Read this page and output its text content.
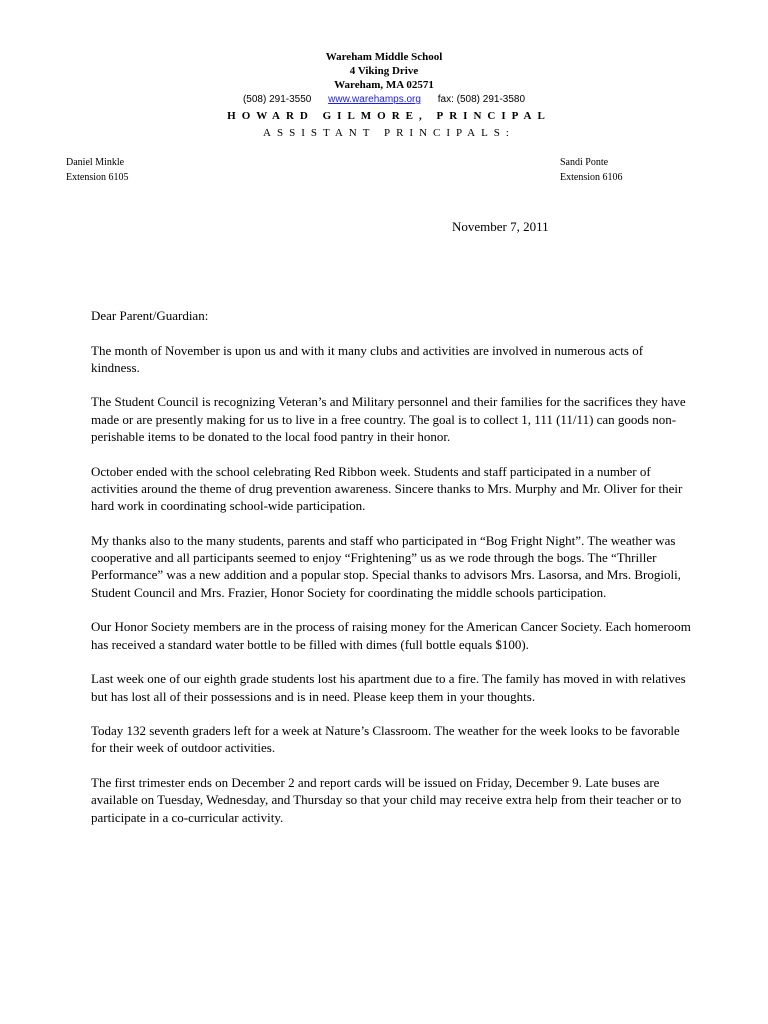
Wareham Middle School
4 Viking Drive
Wareham, MA 02571
(508) 291-3550 www.warehamps.org fax: (508) 291-3580
HOWARD GILMORE, PRINCIPAL
ASSISTANT PRINCIPALS:
Daniel Minkle
Extension 6105
Sandi Ponte
Extension 6106
November 7, 2011

Dear Parent/Guardian:

The month of November is upon us and with it many clubs and activities are involved in numerous acts of kindness.

The Student Council is recognizing Veteran’s and Military personnel and their families for the sacrifices they have made or are presently making for us to live in a free country. The goal is to collect 1, 111 (11/11) can goods non-perishable items to be donated to the local food pantry in their honor.

October ended with the school celebrating Red Ribbon week. Students and staff participated in a number of activities around the theme of drug prevention awareness. Sincere thanks to Mrs. Murphy and Mr. Oliver for their hard work in coordinating school-wide participation.

My thanks also to the many students, parents and staff who participated in “Bog Fright Night”. The weather was cooperative and all participants seemed to enjoy “Frightening” us as we rode through the bogs. The “Thriller Performance” was a new addition and a popular stop. Special thanks to advisors Mrs. Lasorsa, and Mrs. Brogioli, Student Council and Mrs. Frazier, Honor Society for coordinating the middle schools participation.

Our Honor Society members are in the process of raising money for the American Cancer Society. Each homeroom has received a standard water bottle to be filled with dimes (full bottle equals $100).

Last week one of our eighth grade students lost his apartment due to a fire. The family has moved in with relatives but has lost all of their possessions and is in need. Please keep them in your thoughts.

Today 132 seventh graders left for a week at Nature’s Classroom. The weather for the week looks to be favorable for their week of outdoor activities.

The first trimester ends on December 2 and report cards will be issued on Friday, December 9. Late buses are available on Tuesday, Wednesday, and Thursday so that your child may receive extra help from their teacher or to participate in a co-curricular activity.
